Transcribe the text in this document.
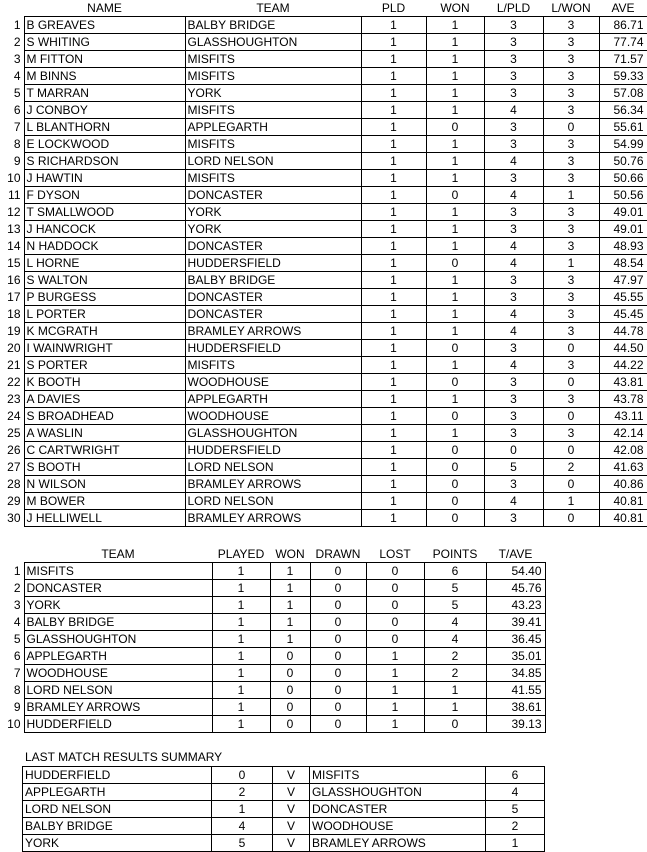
	NAME	TEAM	PLD	WON	L/PLD	L/WON	AVE
1	B GREAVES	BALBY BRIDGE	1	1	3	3	86.71
2	S WHITING	GLASSHOUGHTON	1	1	3	3	77.74
3	M FITTON	MISFITS	1	1	3	3	71.57
4	M BINNS	MISFITS	1	1	3	3	59.33
5	T MARRAN	YORK	1	1	3	3	57.08
6	J CONBOY	MISFITS	1	1	4	3	56.34
7	L BLANTHORN	APPLEGARTH	1	0	3	0	55.61
8	E LOCKWOOD	MISFITS	1	1	3	3	54.99
9	S RICHARDSON	LORD NELSON	1	1	4	3	50.76
10	J HAWTIN	MISFITS	1	1	3	3	50.66
11	F DYSON	DONCASTER	1	0	4	1	50.56
12	T SMALLWOOD	YORK	1	1	3	3	49.01
13	J HANCOCK	YORK	1	1	3	3	49.01
14	N HADDOCK	DONCASTER	1	1	4	3	48.93
15	L HORNE	HUDDERSFIELD	1	0	4	1	48.54
16	S WALTON	BALBY BRIDGE	1	1	3	3	47.97
17	P BURGESS	DONCASTER	1	1	3	3	45.55
18	L PORTER	DONCASTER	1	1	4	3	45.45
19	K MCGRATH	BRAMLEY ARROWS	1	1	4	3	44.78
20	I WAINWRIGHT	HUDDERSFIELD	1	0	3	0	44.50
21	S PORTER	MISFITS	1	1	4	3	44.22
22	K BOOTH	WOODHOUSE	1	0	3	0	43.81
23	A DAVIES	APPLEGARTH	1	1	3	3	43.78
24	S BROADHEAD	WOODHOUSE	1	0	3	0	43.11
25	A WASLIN	GLASSHOUGHTON	1	1	3	3	42.14
26	C CARTWRIGHT	HUDDERSFIELD	1	0	0	0	42.08
27	S BOOTH	LORD NELSON	1	0	5	2	41.63
28	N WILSON	BRAMLEY ARROWS	1	0	3	0	40.86
29	M BOWER	LORD NELSON	1	0	4	1	40.81
30	J HELLIWELL	BRAMLEY ARROWS	1	0	3	0	40.81
	TEAM	PLAYED	WON	DRAWN	LOST	POINTS	T/AVE
1	MISFITS	1	1	0	0	6	54.40
2	DONCASTER	1	1	0	0	5	45.76
3	YORK	1	1	0	0	5	43.23
4	BALBY BRIDGE	1	1	0	0	4	39.41
5	GLASSHOUGHTON	1	1	0	0	4	36.45
6	APPLEGARTH	1	0	0	1	2	35.01
7	WOODHOUSE	1	0	0	1	2	34.85
8	LORD NELSON	1	0	0	1	1	41.55
9	BRAMLEY ARROWS	1	0	0	1	1	38.61
10	HUDDERFIELD	1	0	0	1	0	39.13
LAST MATCH RESULTS SUMMARY
HUDDERFIELD	0	V	MISFITS	6
APPLEGARTH	2	V	GLASSHOUGHTON	4
LORD NELSON	1	V	DONCASTER	5
BALBY BRIDGE	4	V	WOODHOUSE	2
YORK	5	V	BRAMLEY ARROWS	1
